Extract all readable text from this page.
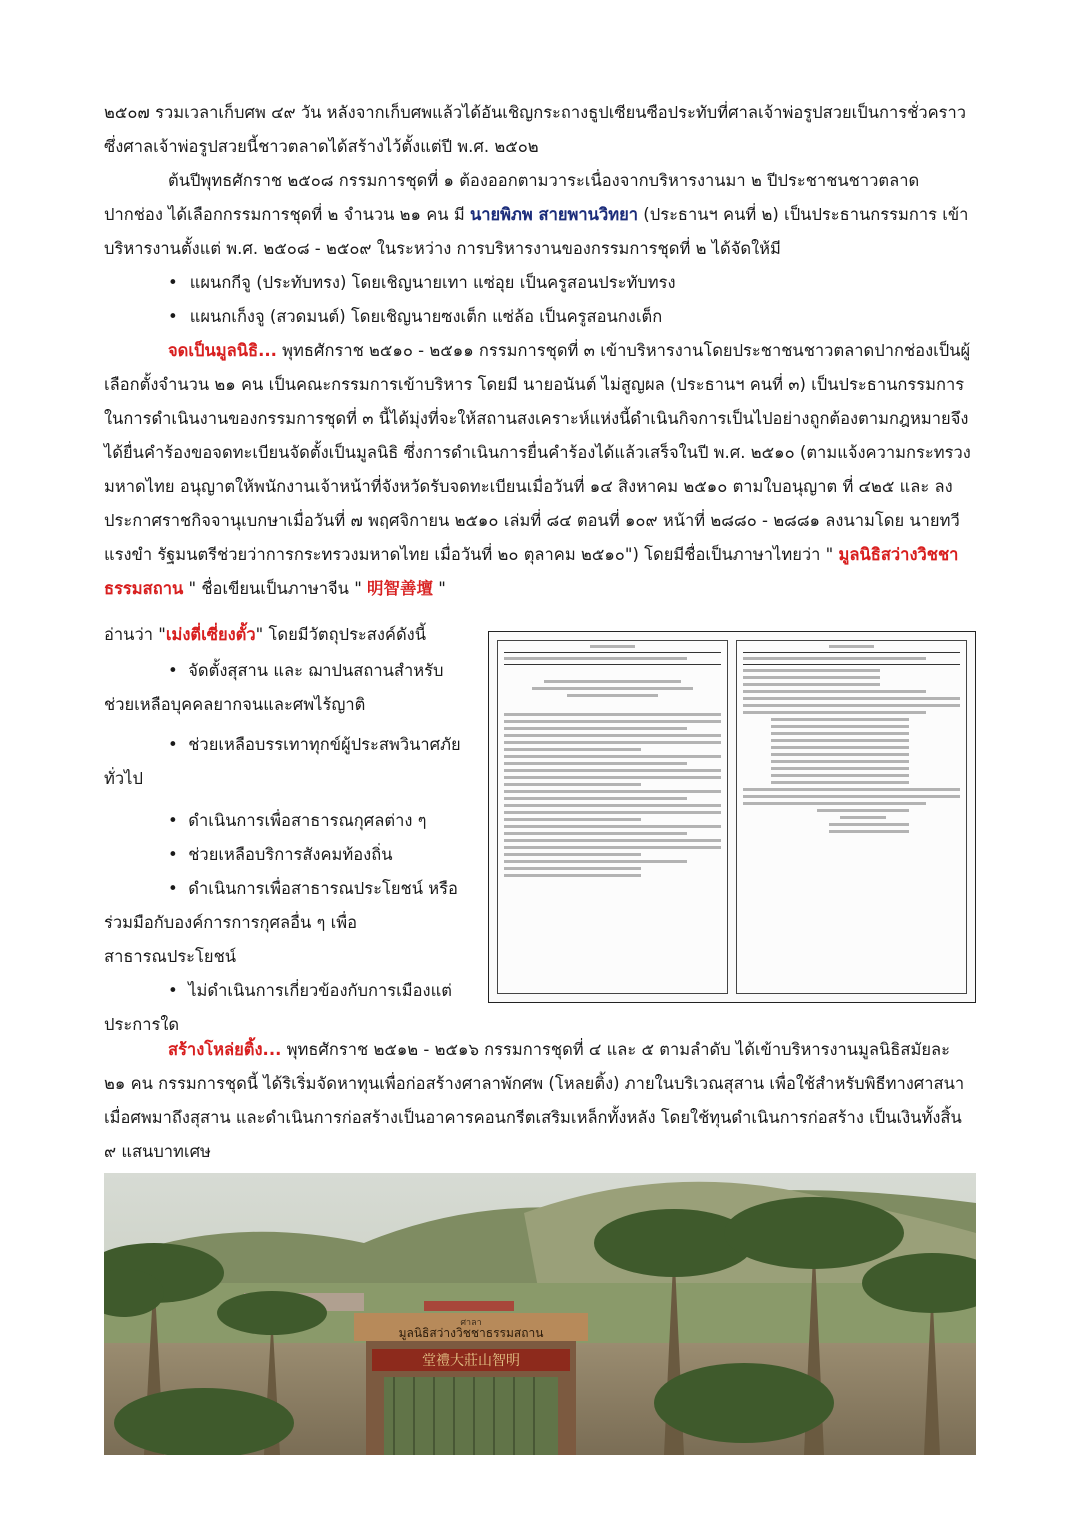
๒๕๐๗ รวมเวลาเก็บศพ ๔๙ วัน หลังจากเก็บศพแล้วได้อันเชิญกระถางธูปเซียนซือประทับที่ศาลเจ้าพ่อรูปสวยเป็นการชั่วคราว ซึ่งศาลเจ้าพ่อรูปสวยนี้ชาวตลาดได้สร้างไว้ตั้งแต่ปี พ.ศ. ๒๕๐๒

ต้นปีพุทธศักราช ๒๕๐๘ กรรมการชุดที่ ๑ ต้องออกตามวาระเนื่องจากบริหารงานมา ๒ ปีประชาชนชาวตลาดปากช่อง ได้เลือกกรรมการชุดที่ ๒ จำนวน ๒๑ คน มี นายพิภพ สายพานวิทยา (ประธานฯ คนที่ ๒) เป็นประธานกรรมการ เข้าบริหารงานตั้งแต่ พ.ศ. ๒๕๐๘ - ๒๕๐๙ ในระหว่าง การบริหารงานของกรรมการชุดที่ ๒ ได้จัดให้มี

• แผนกกีจู (ประทับทรง) โดยเชิญนายเทา แซ่อุย เป็นครูสอนประทับทรง

• แผนกเก็งจู (สวดมนต์) โดยเชิญนายซงเต็ก แซ่ล้อ เป็นครูสอนกงเต็ก

จดเป็นมูลนิธิ... พุทธศักราช ๒๕๑๐ - ๒๕๑๑ กรรมการชุดที่ ๓ เข้าบริหารงานโดยประชาชนชาวตลาดปากช่องเป็นผู้เลือกตั้งจำนวน ๒๑ คน เป็นคณะกรรมการเข้าบริหาร โดยมี นายอนันต์ ไม่สูญผล (ประธานฯ คนที่ ๓) เป็นประธานกรรมการในการดำเนินงานของกรรมการชุดที่ ๓ นี้ได้มุ่งที่จะให้สถานสงเคราะห์แห่งนี้ดำเนินกิจการเป็นไปอย่างถูกต้องตามกฎหมายจึงได้ยื่นคำร้องขอจดทะเบียนจัดตั้งเป็นมูลนิธิ ซึ่งการดำเนินการยื่นคำร้องได้แล้วเสร็จในปี พ.ศ. ๒๕๑๐ (ตามแจ้งความกระทรวงมหาดไทย อนุญาตให้พนักงานเจ้าหน้าที่จังหวัดรับจดทะเบียนเมื่อวันที่ ๑๔ สิงหาคม ๒๕๑๐ ตามใบอนุญาต ที่ ๔๒๕ และ ลงประกาศราชกิจจานุเบกษาเมื่อวันที่ ๗ พฤศจิกายน ๒๕๑๐ เล่มที่ ๘๔ ตอนที่ ๑๐๙ หน้าที่ ๒๘๘๐ - ๒๘๘๑ ลงนามโดย นายทวี แรงขำ รัฐมนตรีช่วยว่าการกระทรวงมหาดไทย เมื่อวันที่ ๒๐ ตุลาคม ๒๕๑๐") โดยมีชื่อเป็นภาษาไทยว่า " มูลนิธิสว่างวิชชาธรรมสถาน " ชื่อเขียนเป็นภาษาจีน " 明智善壇 "

อ่านว่า "เม่งตี่เซี่ยงตั้ว" โดยมีวัตถุประสงค์ดังนี้

•  จัดตั้งสุสาน และ ฌาปนสถานสำหรับช่วยเหลือบุคคลยากจนและศพไร้ญาติ

•  ช่วยเหลือบรรเทาทุกข์ผู้ประสพวินาศภัยทั่วไป

•  ดำเนินการเพื่อสาธารณกุศลต่าง ๆ

•  ช่วยเหลือบริการสังคมท้องถิ่น

•  ดำเนินการเพื่อสาธารณประโยชน์ หรือร่วมมือกับองค์การการกุศลอื่น ๆ เพื่อสาธารณประโยชน์

•  ไม่ดำเนินการเกี่ยวข้องกับการเมืองแต่ประการใด

สร้างโหล่ยติ้ง... พุทธศักราช ๒๕๑๒ - ๒๕๑๖ กรรมการชุดที่ ๔ และ ๕ ตามลำดับ ได้เข้าบริหารงานมูลนิธิสมัยละ ๒๑ คน กรรมการชุดนี้ ได้ริเริ่มจัดหาทุนเพื่อก่อสร้างศาลาพักศพ (โหลยติ้ง) ภายในบริเวณสุสาน เพื่อใช้สำหรับพิธีทางศาสนา เมื่อศพมาถึงสุสาน และดำเนินการก่อสร้างเป็นอาคารคอนกรีตเสริมเหล็กทั้งหลัง โดยใช้ทุนดำเนินการก่อสร้าง เป็นเงินทั้งสิ้น ๙ แสนบาทเศษ

堂禮大莊山智明
ศาลา
มูลนิธิสว่างวิชชาธรรมสถาน
